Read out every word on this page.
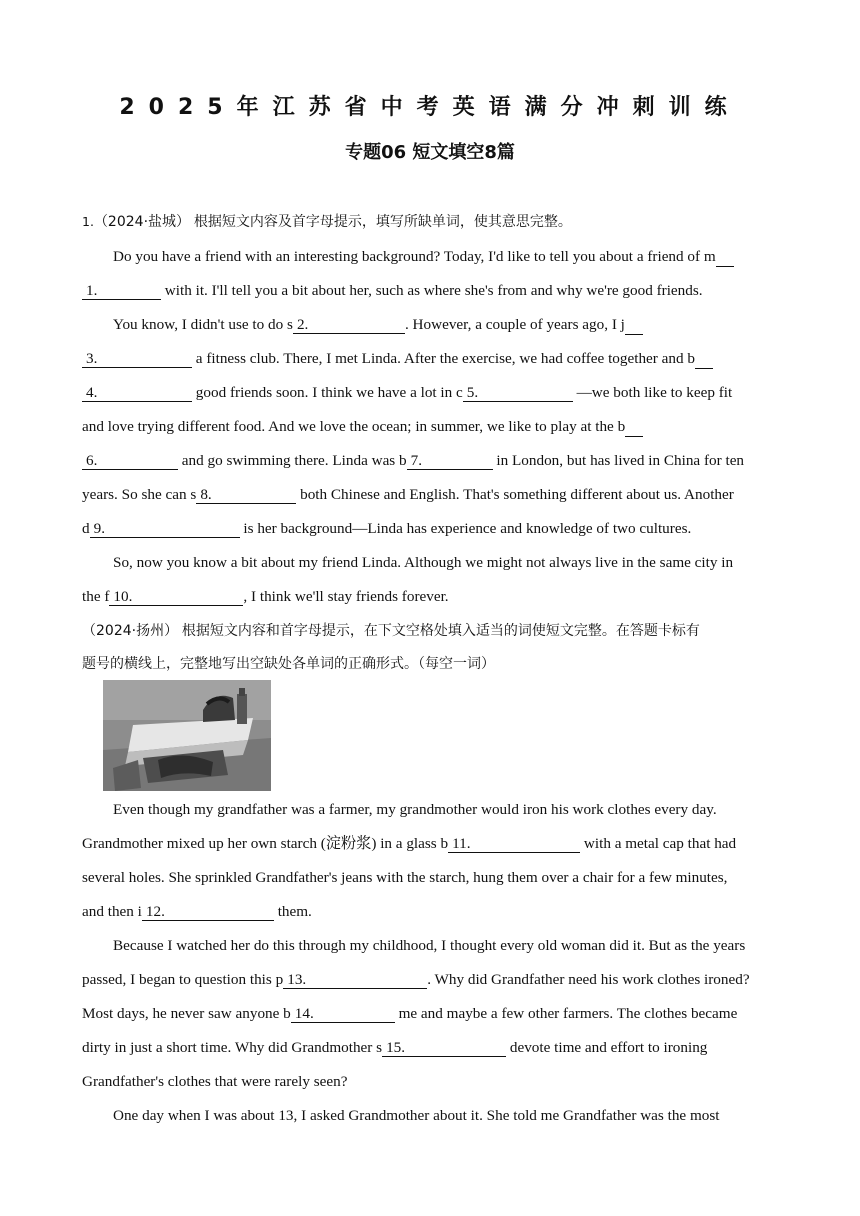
2025年江苏省中考英语满分冲刺训练
专题06 短文填空8篇
1.（2024·盐城） 根据短文内容及首字母提示，填写所缺单词，使其意思完整。
Do you have a friend with an interesting background? Today, I'd like to tell you about a friend of m
1.	with it. I'll tell you a bit about her, such as where she's from and why we're good friends.
You know, I didn't use to do s 2.	. However, a couple of years ago, I j
3.	a fitness club. There, I met Linda. After the exercise, we had coffee together and b
4.	good friends soon. I think we have a lot in c 5.	—we both like to keep fit
and love trying different food. And we love the ocean; in summer, we like to play at the b
6.	and go swimming there. Linda was b 7.	in London, but has lived in China for ten
years. So she can s 8.	both Chinese and English. That's something different about us. Another
d 9.	is her background—Linda has experience and knowledge of two cultures.
So, now you know a bit about my friend Linda. Although we might not always live in the same city in
the f 10.	, I think we'll stay friends forever.
（2024·扬州） 根据短文内容和首字母提示，在下文空格处填入适当的词使短文完整。在答题卡标有
题号的横线上，完整地写出空缺处各单词的正确形式。（每空一词）
Even though my grandfather was a farmer, my grandmother would iron his work clothes every day.
Grandmother mixed up her own starch (淀粉浆) in a glass b 11.	with a metal cap that had
several holes. She sprinkled Grandfather's jeans with the starch, hung them over a chair for a few minutes,
and then i 12.	them.
Because I watched her do this through my childhood, I thought every old woman did it. But as the years
passed, I began to question this p 13.	. Why did Grandfather need his work clothes ironed?
Most days, he never saw anyone b 14.	me and maybe a few other farmers. The clothes became
dirty in just a short time. Why did Grandmother s 15.	devote time and effort to ironing
Grandfather's clothes that were rarely seen?
One day when I was about 13, I asked Grandmother about it. She told me Grandfather was the most
